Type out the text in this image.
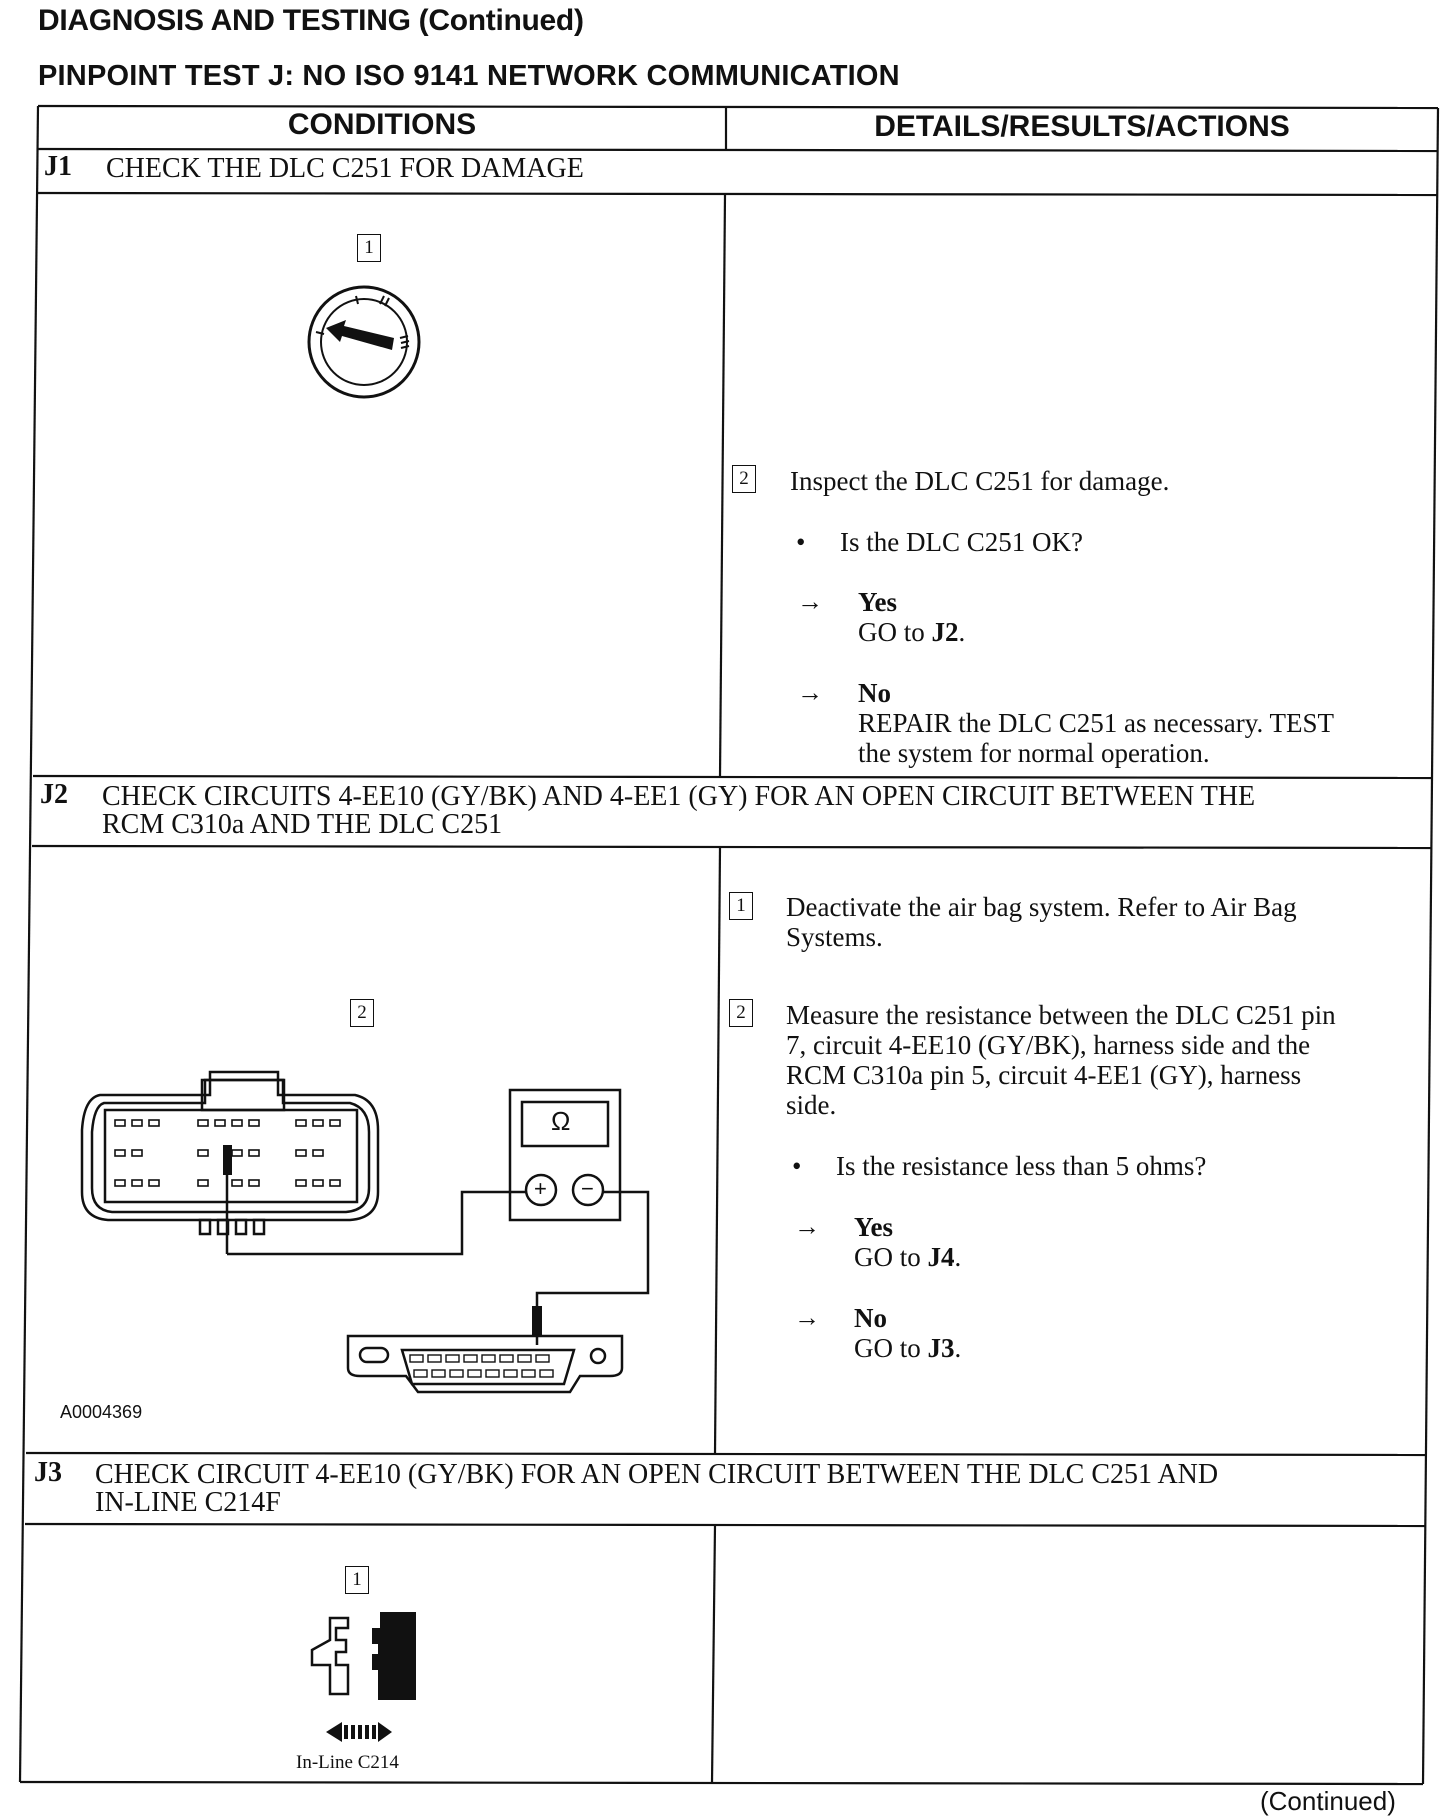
DIAGNOSIS AND TESTING (Continued)
PINPOINT TEST J: NO ISO 9141 NETWORK COMMUNICATION
CONDITIONS	DETAILS/RESULTS/ACTIONS
J1 CHECK THE DLC C251 FOR DAMAGE
1
2 Inspect the DLC C251 for damage.
• Is the DLC C251 OK?
→ Yes
GO to J2.
→ No
REPAIR the DLC C251 as necessary. TEST
the system for normal operation.
J2 CHECK CIRCUITS 4-EE10 (GY/BK) AND 4-EE1 (GY) FOR AN OPEN CIRCUIT BETWEEN THE
RCM C310a AND THE DLC C251
2
Ω
+ −
A0004369
1 Deactivate the air bag system. Refer to Air Bag
Systems.
2 Measure the resistance between the DLC C251 pin
7, circuit 4-EE10 (GY/BK), harness side and the
RCM C310a pin 5, circuit 4-EE1 (GY), harness
side.
• Is the resistance less than 5 ohms?
→ Yes
GO to J4.
→ No
GO to J3.
J3 CHECK CIRCUIT 4-EE10 (GY/BK) FOR AN OPEN CIRCUIT BETWEEN THE DLC C251 AND
IN-LINE C214F
1
In-Line C214
(Continued)
